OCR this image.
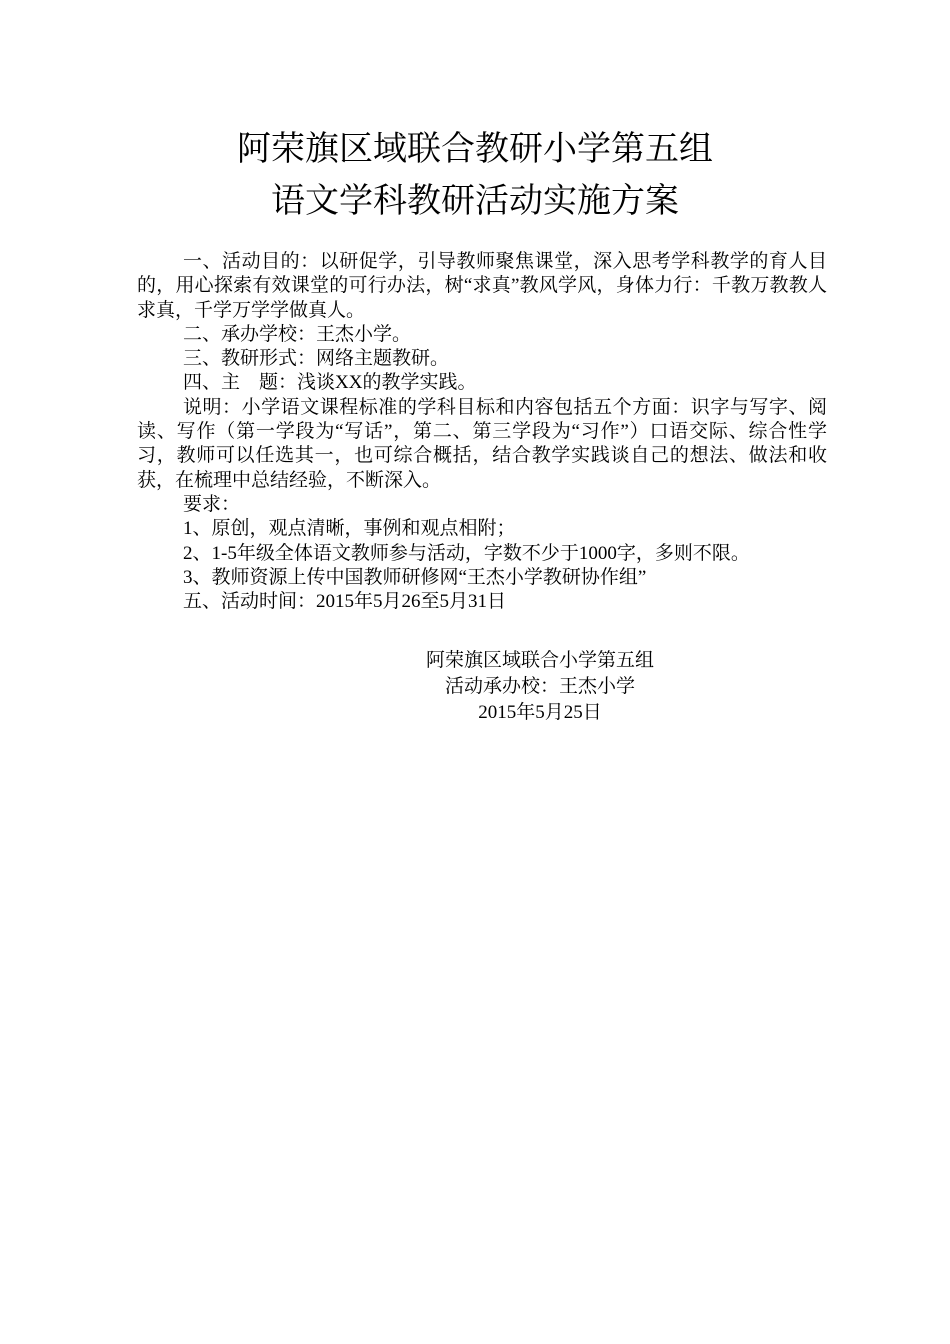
阿荣旗区域联合教研小学第五组
语文学科教研活动实施方案

一、活动目的：以研促学，引导教师聚焦课堂，深入思考学科教学的育人目的，用心探索有效课堂的可行办法，树“求真”教风学风，身体力行：千教万教教人求真，千学万学学做真人。

二、承办学校：王杰小学。

三、教研形式：网络主题教研。

四、主　题：浅谈XX的教学实践。

说明：小学语文课程标准的学科目标和内容包括五个方面：识字与写字、阅读、写作（第一学段为“写话”，第二、第三学段为“习作”）口语交际、综合性学习，教师可以任选其一，也可综合概括，结合教学实践谈自己的想法、做法和收获，在梳理中总结经验，不断深入。

要求：

1、原创，观点清晰，事例和观点相附；

2、1-5年级全体语文教师参与活动，字数不少于1000字，多则不限。

3、教师资源上传中国教师研修网“王杰小学教研协作组”

五、活动时间：2015年5月26至5月31日

阿荣旗区域联合小学第五组
活动承办校：王杰小学
2015年5月25日
